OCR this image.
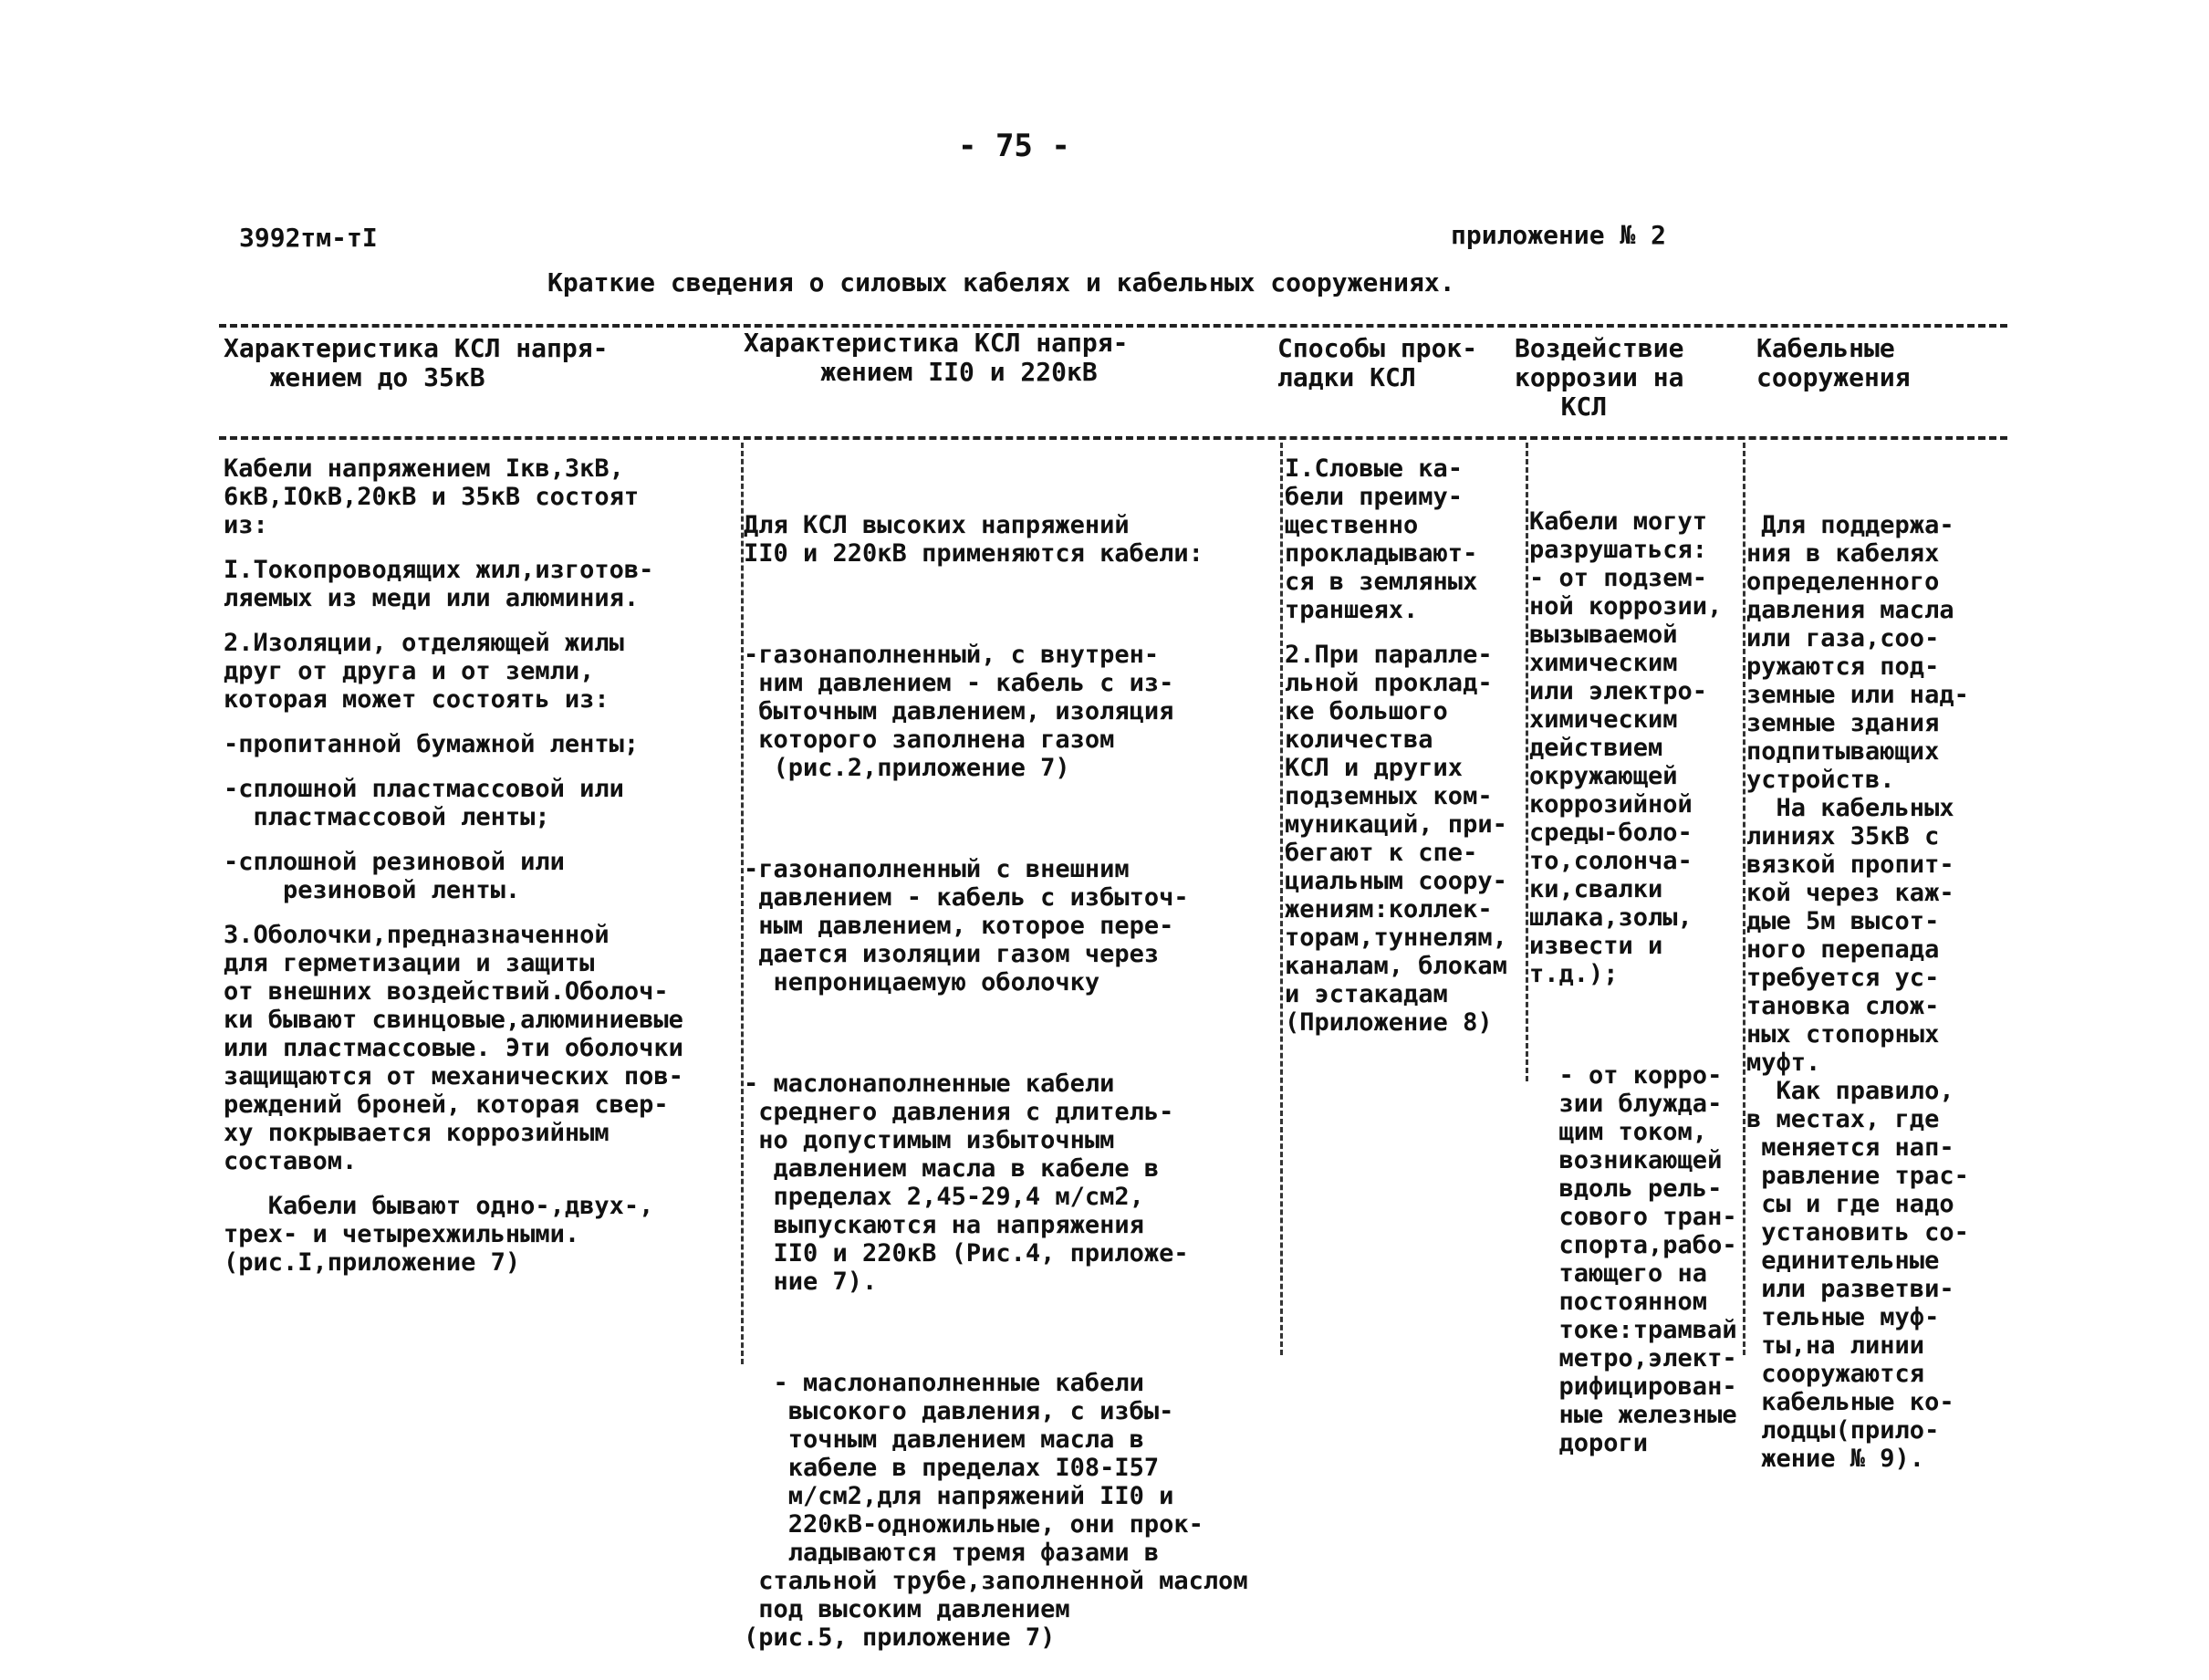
- 75 -
3992тм-тI	приложение № 2
Краткие сведения о силовых кабелях и кабельных сооружениях.
Характеристика КСЛ напря-
жением до 35кВ
Характеристика КСЛ напря-
жением II0 и 220кВ
Способы прок-
ладки КСЛ
Воздействие
коррозии на
КСЛ
Кабельные
сооружения

Кабели напряжением Iкв,3кВ,
6кВ,IОкВ,20кВ и 35кВ состоят
из:

I.Токопроводящих жил,изготов-
ляемых из меди или алюминия.

2.Изоляции, отделяющей жилы
друг от друга и от земли,
которая может состоять из:

-пропитанной бумажной ленты;

-сплошной пластмассовой или
пластмассовой ленты;

-сплошной резиновой или
резиновой ленты.

3.Оболочки,предназначенной
для герметизации и защиты
от внешних воздействий.Оболоч-
ки бывают свинцовые,алюминиевые
или пластмассовые. Эти оболочки
защищаются от механических пов-
реждений броней, которая свер-
ху покрывается коррозийным
составом.

Кабели бывают одно-,двух-,
трех- и четырехжильными.
(рис.I,приложение 7)

Для КСЛ высоких напряжений
II0 и 220кВ применяются кабели:

-газонаполненный, с внутрен-
ним давлением - кабель с из-
быточным давлением, изоляция
которого заполнена газом
(рис.2,приложение 7)

-газонаполненный с внешним
давлением - кабель с избыточ-
ным давлением, которое пере-
дается изоляции газом через
непроницаемую оболочку

- маслонаполненные кабели
среднего давления с длитель-
но допустимым избыточным
давлением масла в кабеле в
пределах 2,45-29,4 м/см2,
выпускаются на напряжения
II0 и 220кВ (Рис.4, приложе-
ние 7).

- маслонаполненные кабели
высокого давления, с избы-
точным давлением масла в
кабеле в пределах I08-I57
м/см2,для напряжений II0 и
220кВ-одножильные, они прок-
ладываются тремя фазами в
стальной трубе,заполненной маслом
под высоким давлением
(рис.5, приложение 7)

I.Словые ка-
бели преиму-
щественно
прокладывают-
ся в земляных
траншеях.

2.При паралле-
льной проклад-
ке большого
количества
КСЛ и других
подземных ком-
муникаций, при-
бегают к спе-
циальным соору-
жениям:коллек-
торам,туннелям,
каналам, блокам
и эстакадам
(Приложение 8)

Кабели могут
разрушаться:
- от подзем-
ной коррозии,
вызываемой
химическим
или электро-
химическим
действием
окружающей
коррозийной
среды-боло-
то,солонча-
ки,свалки
шлака,золы,
извести и
т.д.);

- от корро-
зии блужда-
щим током,
возникающей
вдоль рель-
сового тран-
спорта,рабо-
тающего на
постоянном
токе:трамвай
метро,элект-
рифицирован-
ные железные
дороги

Для поддержа-
ния в кабелях
определенного
давления масла
или газа,соо-
ружаются под-
земные или над-
земные здания
подпитывающих
устройств.
На кабельных
линиях 35кВ с
вязкой пропит-
кой через каж-
дые 5м высот-
ного перепада
требуется ус-
тановка слож-
ных стопорных
муфт.
Как правило,
в местах, где
меняется нап-
равление трас-
сы и где надо
установить со-
единительные
или разветви-
тельные муф-
ты,на линии
сооружаются
кабельные ко-
лодцы(прило-
жение № 9).
